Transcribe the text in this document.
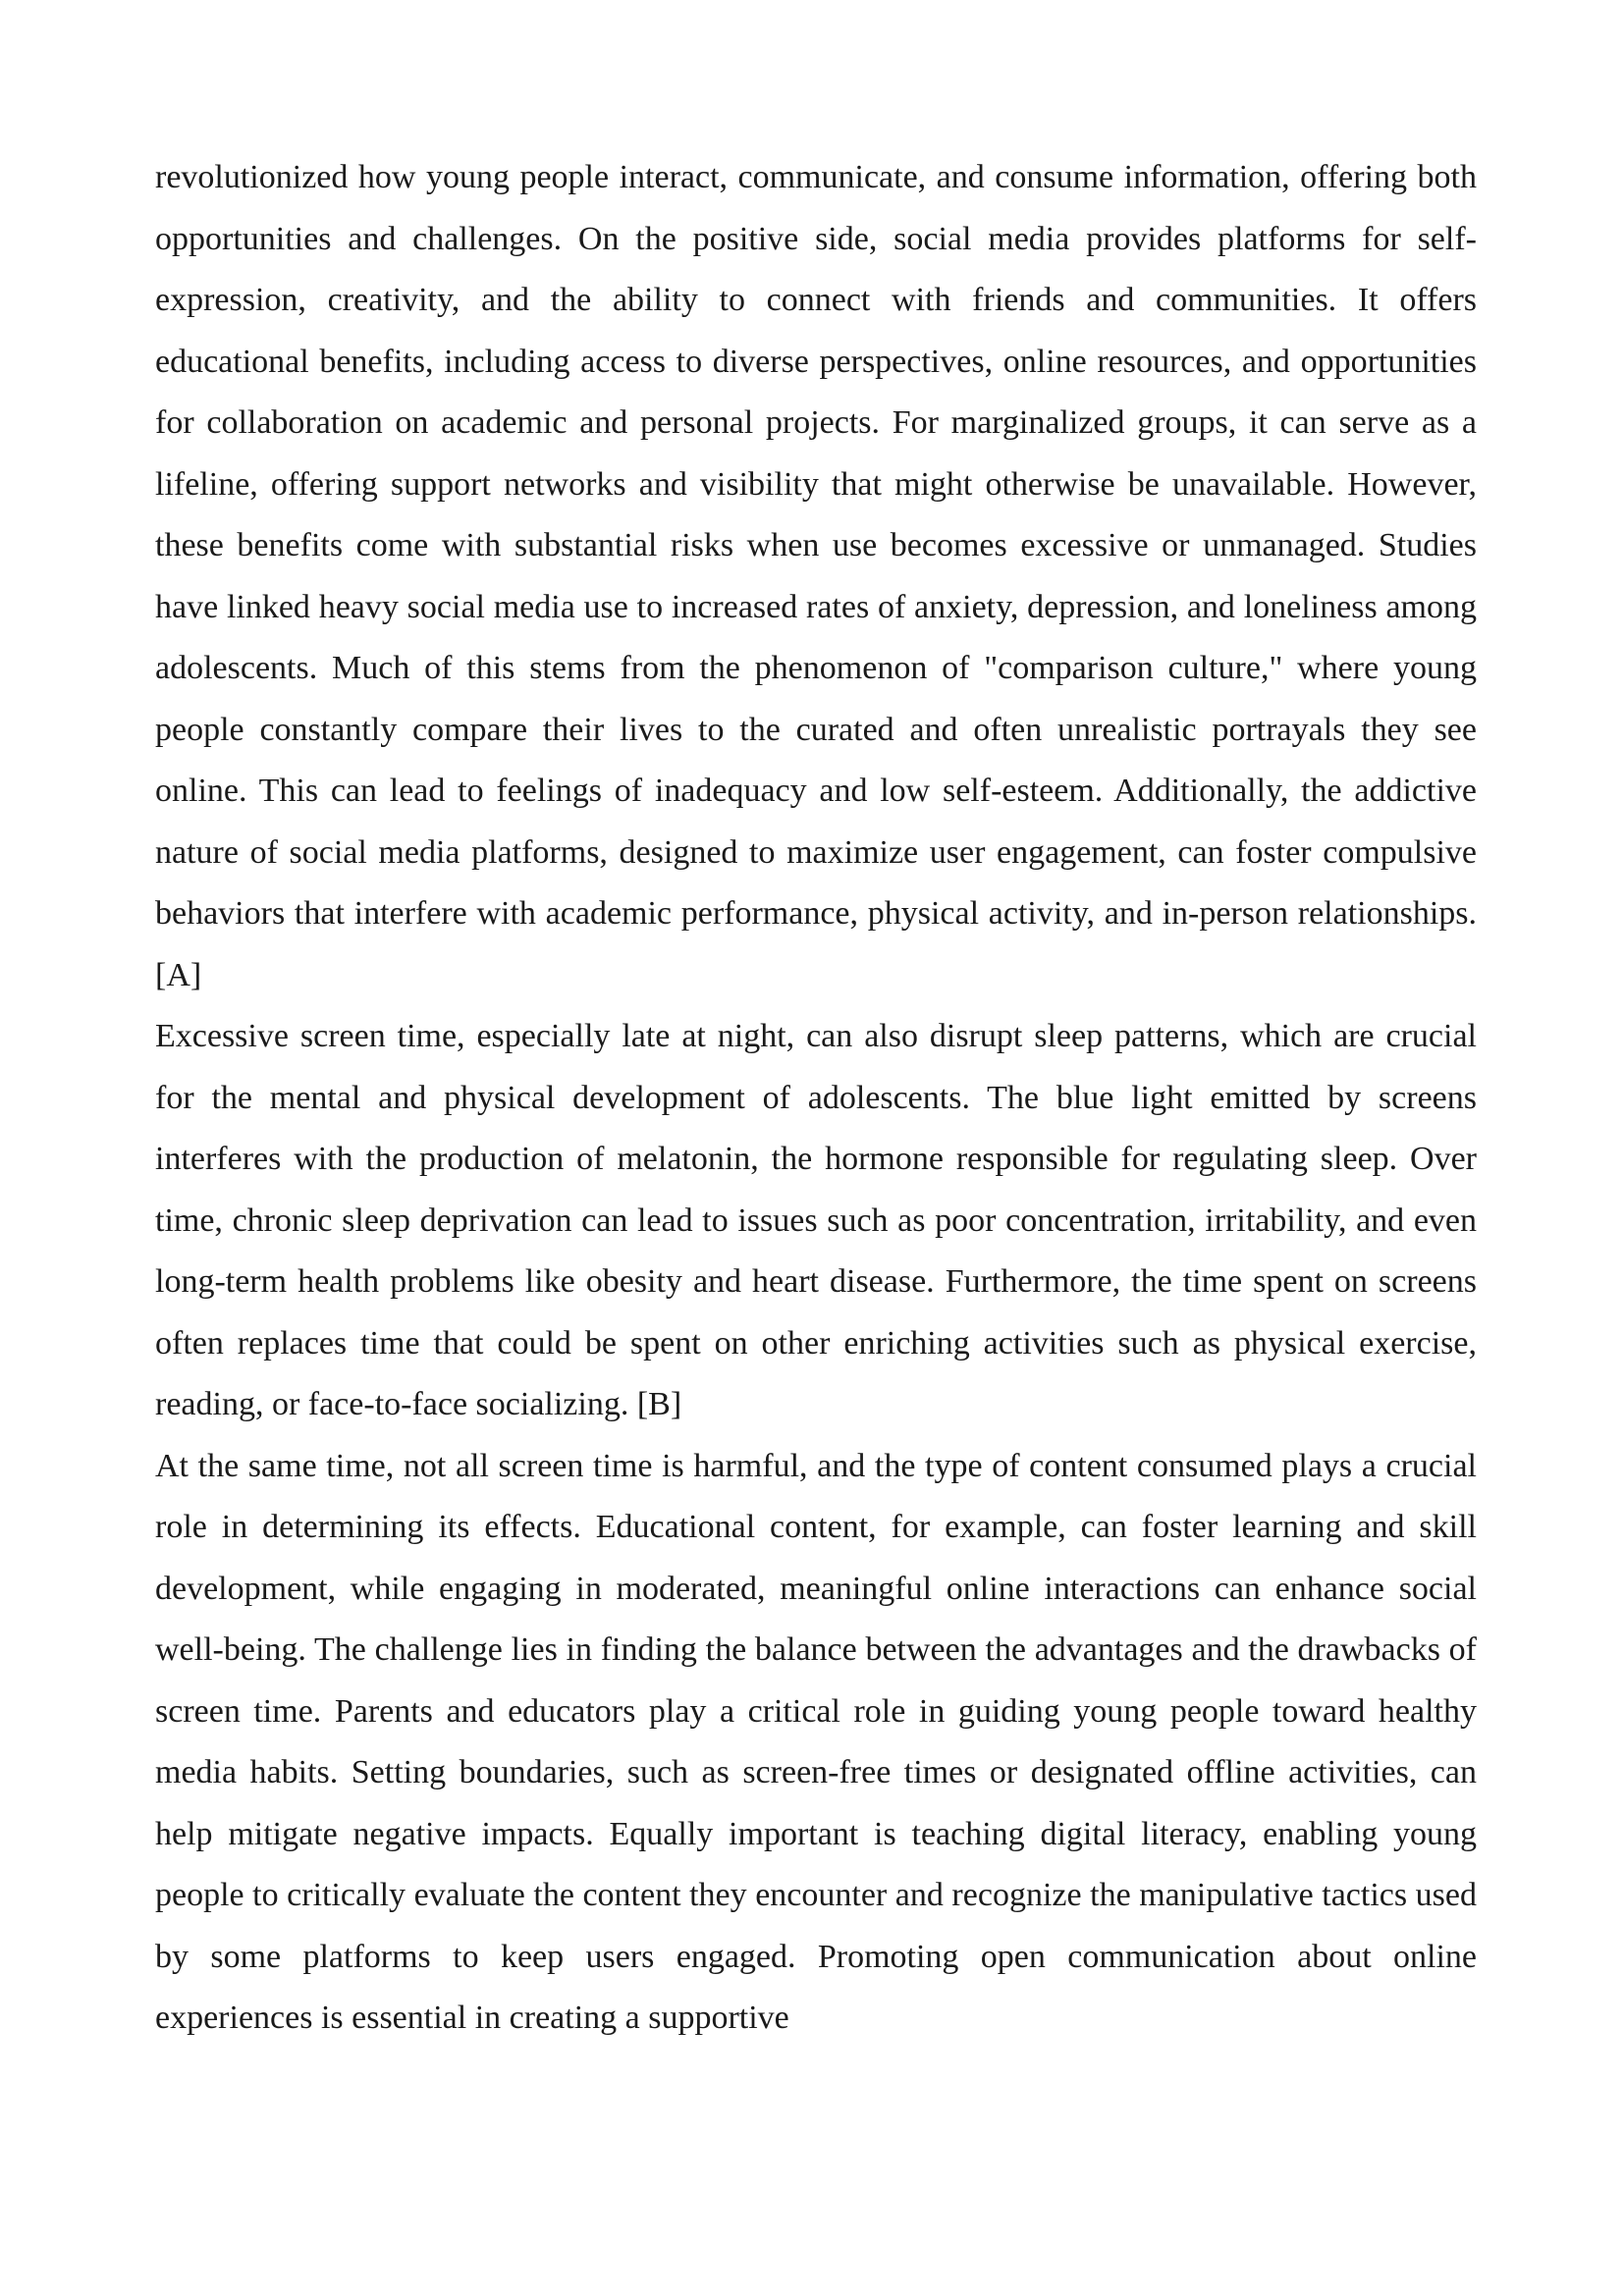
revolutionized how young people interact, communicate, and consume information, offering both opportunities and challenges. On the positive side, social media provides platforms for self-expression, creativity, and the ability to connect with friends and communities. It offers educational benefits, including access to diverse perspectives, online resources, and opportunities for collaboration on academic and personal projects. For marginalized groups, it can serve as a lifeline, offering support networks and visibility that might otherwise be unavailable. However, these benefits come with substantial risks when use becomes excessive or unmanaged. Studies have linked heavy social media use to increased rates of anxiety, depression, and loneliness among adolescents. Much of this stems from the phenomenon of "comparison culture," where young people constantly compare their lives to the curated and often unrealistic portrayals they see online. This can lead to feelings of inadequacy and low self-esteem. Additionally, the addictive nature of social media platforms, designed to maximize user engagement, can foster compulsive behaviors that interfere with academic performance, physical activity, and in-person relationships. [A]

Excessive screen time, especially late at night, can also disrupt sleep patterns, which are crucial for the mental and physical development of adolescents. The blue light emitted by screens interferes with the production of melatonin, the hormone responsible for regulating sleep. Over time, chronic sleep deprivation can lead to issues such as poor concentration, irritability, and even long-term health problems like obesity and heart disease. Furthermore, the time spent on screens often replaces time that could be spent on other enriching activities such as physical exercise, reading, or face-to-face socializing. [B]

At the same time, not all screen time is harmful, and the type of content consumed plays a crucial role in determining its effects. Educational content, for example, can foster learning and skill development, while engaging in moderated, meaningful online interactions can enhance social well-being. The challenge lies in finding the balance between the advantages and the drawbacks of screen time. Parents and educators play a critical role in guiding young people toward healthy media habits. Setting boundaries, such as screen-free times or designated offline activities, can help mitigate negative impacts. Equally important is teaching digital literacy, enabling young people to critically evaluate the content they encounter and recognize the manipulative tactics used by some platforms to keep users engaged. Promoting open communication about online experiences is essential in creating a supportive
